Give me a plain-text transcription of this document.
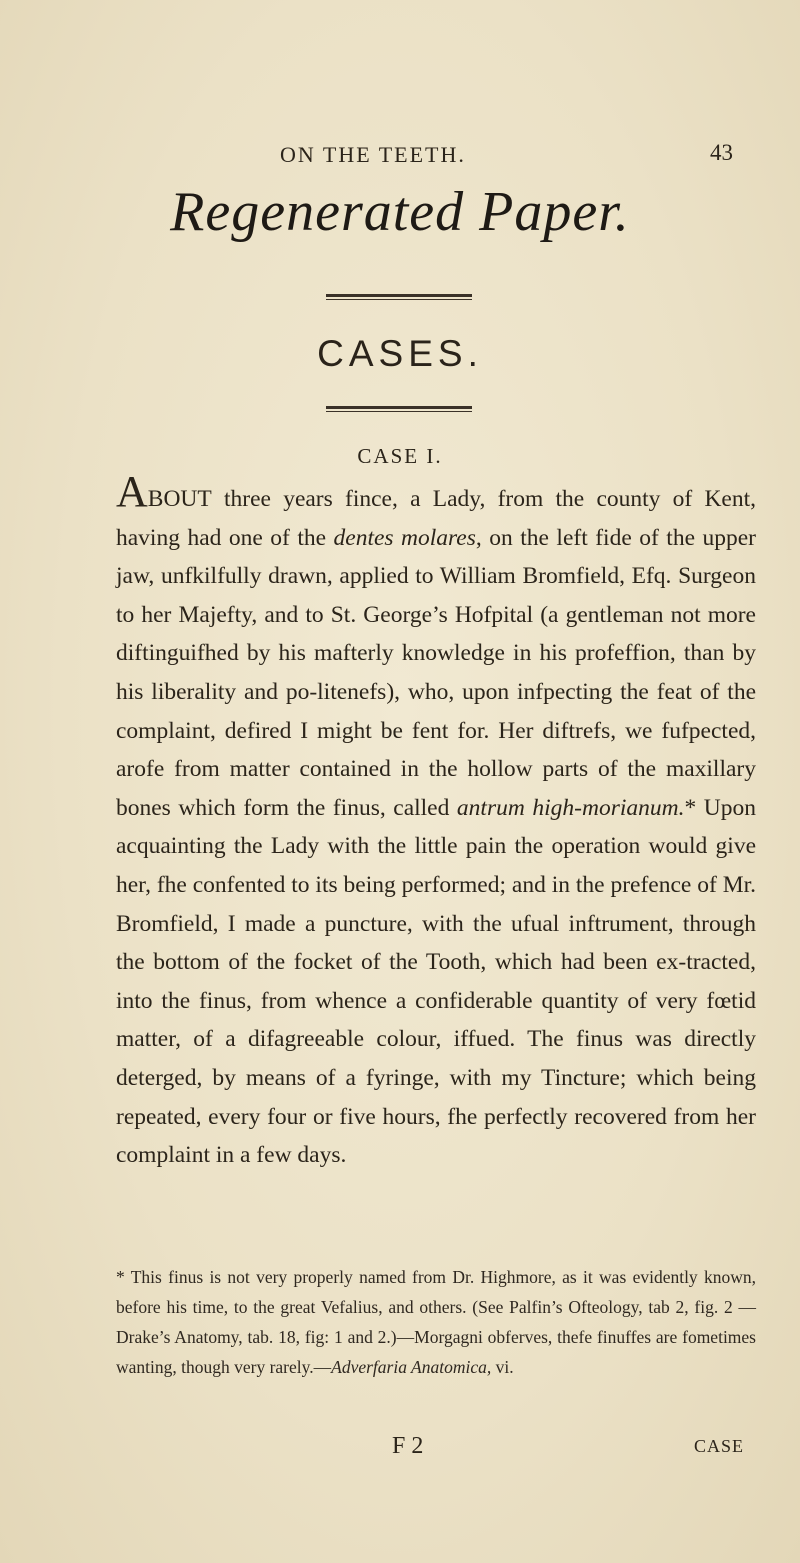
ON THE TEETH.	43
Regenerated Paper.
CASES.
CASE I.
ABOUT three years fince, a Lady, from the county of Kent, having had one of the dentes molares, on the left fide of the upper jaw, unfkilfully drawn, applied to William Bromfield, Efq. Surgeon to her Majefty, and to St. George’s Hofpital (a gentleman not more diftinguifhed by his mafterly knowledge in his profeffion, than by his liberality and po-litenefs), who, upon infpecting the feat of the complaint, defired I might be fent for. Her diftrefs, we fufpected, arofe from matter contained in the hollow parts of the maxillary bones which form the finus, called antrum high-morianum.* Upon acquainting the Lady with the little pain the operation would give her, fhe confented to its being performed; and in the prefence of Mr. Bromfield, I made a puncture, with the ufual inftrument, through the bottom of the focket of the Tooth, which had been ex-tracted, into the finus, from whence a confiderable quantity of very fœtid matter, of a difagreeable colour, iffued. The finus was directly deterged, by means of a fyringe, with my Tincture; which being repeated, every four or five hours, fhe perfectly recovered from her complaint in a few days.
* This finus is not very properly named from Dr. Highmore, as it was evidently known, before his time, to the great Vefalius, and others. (See Palfin’s Ofteology, tab 2, fig. 2 —Drake’s Anatomy, tab. 18, fig: 1 and 2.)—Morgagni obferves, thefe finuffes are fometimes wanting, though very rarely.—Adverfaria Anatomica, vi.
F 2	CASE
